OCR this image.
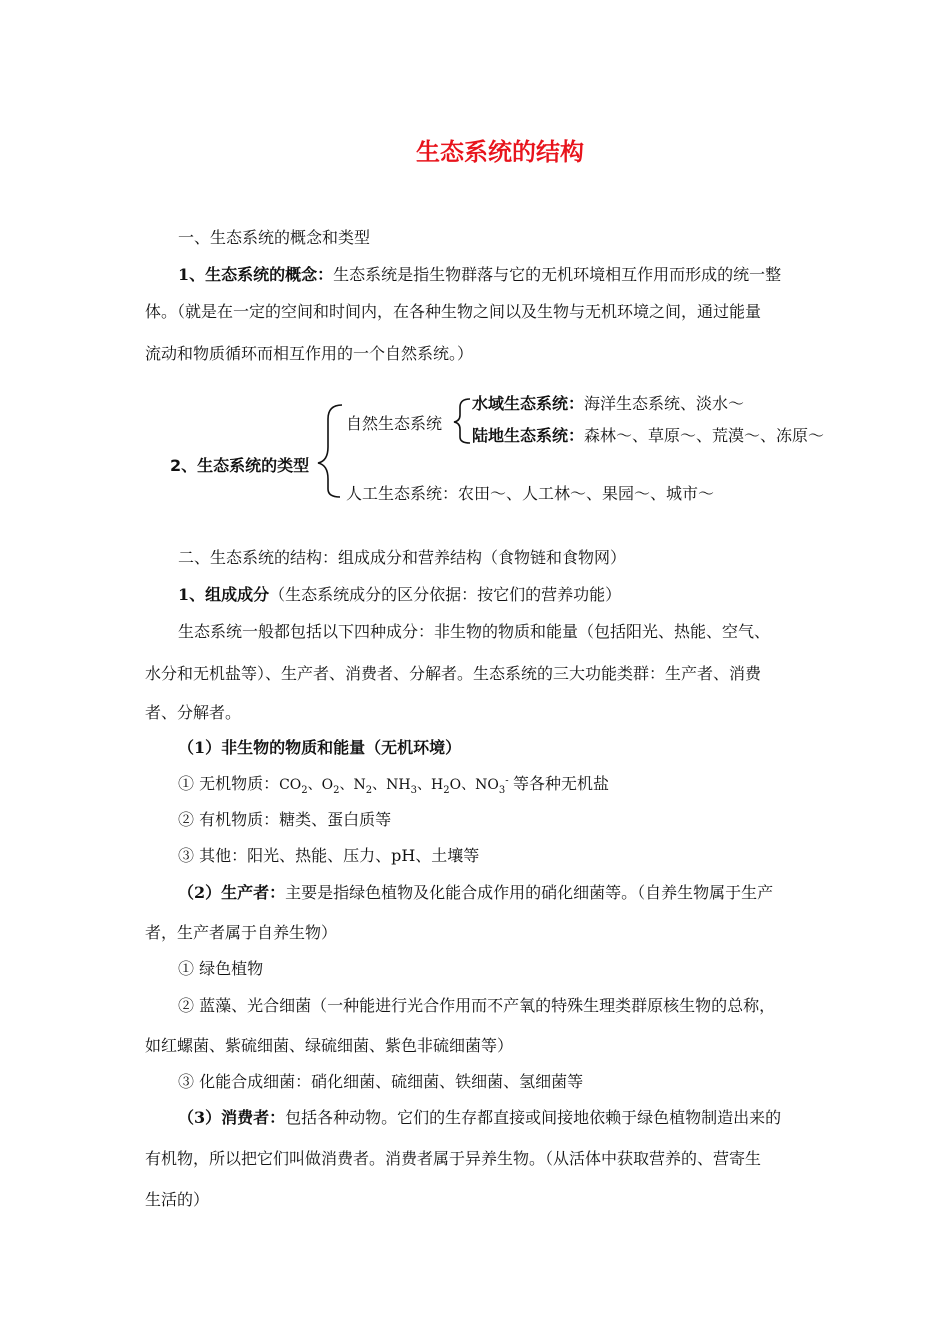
生态系统的结构
一、生态系统的概念和类型
1、生态系统的概念：生态系统是指生物群落与它的无机环境相互作用而形成的统一整
体。（就是在一定的空间和时间内，在各种生物之间以及生物与无机环境之间，通过能量
流动和物质循环而相互作用的一个自然系统。）
2、生态系统的类型
自然生态系统
水域生态系统：海洋生态系统、淡水～
陆地生态系统：森林～、草原～、荒漠～、冻原～
人工生态系统：农田～、人工林～、果园～、城市～
二、生态系统的结构：组成成分和营养结构（食物链和食物网）
1、组成成分（生态系统成分的区分依据：按它们的营养功能）
生态系统一般都包括以下四种成分：非生物的物质和能量（包括阳光、热能、空气、
水分和无机盐等）、生产者、消费者、分解者。生态系统的三大功能类群：生产者、消费
者、分解者。
（1）非生物的物质和能量（无机环境）
① 无机物质：$CO_2$、$O_2$、$N_2$、$NH_3$、$H_2O$、$NO_3^-$ 等各种无机盐
② 有机物质：糖类、蛋白质等
③ 其他：阳光、热能、压力、pH、土壤等
（2）生产者：主要是指绿色植物及化能合成作用的硝化细菌等。（自养生物属于生产
者，生产者属于自养生物）
① 绿色植物
② 蓝藻、光合细菌（一种能进行光合作用而不产氧的特殊生理类群原核生物的总称，
如红螺菌、紫硫细菌、绿硫细菌、紫色非硫细菌等）
③ 化能合成细菌：硝化细菌、硫细菌、铁细菌、氢细菌等
（3）消费者：包括各种动物。它们的生存都直接或间接地依赖于绿色植物制造出来的
有机物，所以把它们叫做消费者。消费者属于异养生物。（从活体中获取营养的、营寄生
生活的）
